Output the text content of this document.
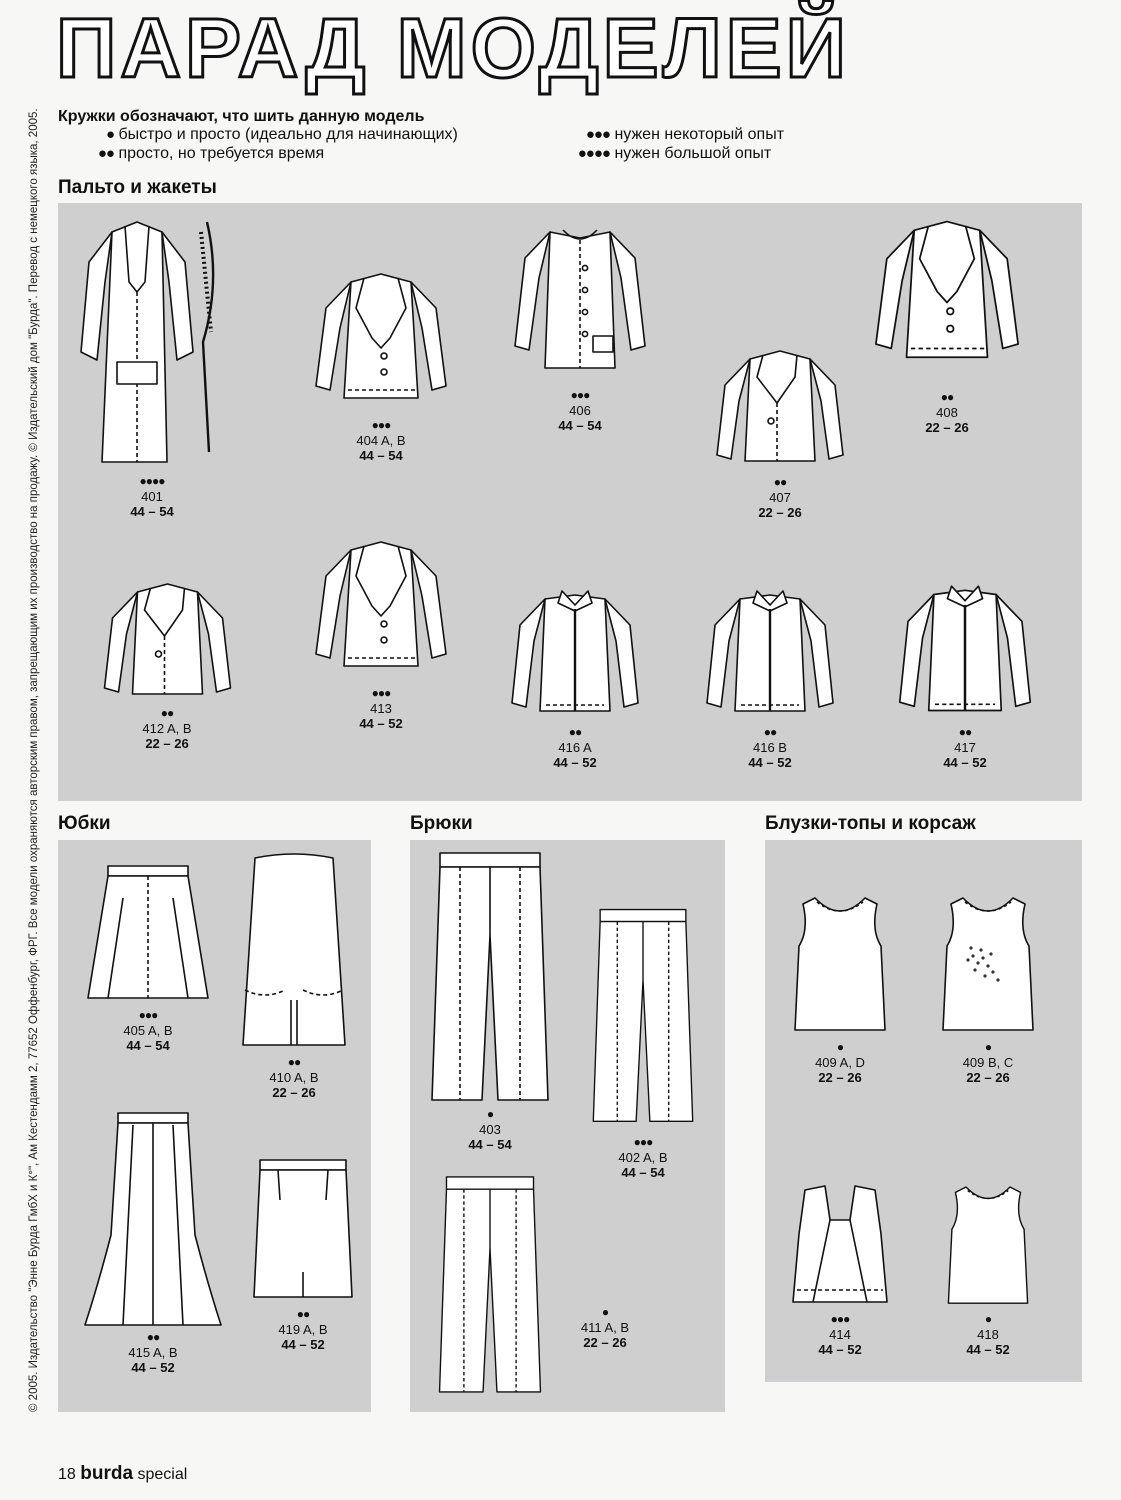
ПАРАД МОДЕЛЕЙ
© 2005. Издательство "Энне Бурда ГмбХ и К°", Ам Кестендамм 2, 77652 Оффенбург, ФРГ. Все модели охраняются авторским правом, запрещающим их производство на продажу. © Издательский дом "Бурда". Перевод с немецкого языка, 2005. Кружки обозначают, что шить данную модель
● быстро и просто (идеально для начинающих)
●● просто, но требуется время
●●● нужен некоторый опыт
●●●● нужен большой опыт
Пальто и жакеты
●●●●
401
44 – 54
●●●
404 A, B
44 – 54
●●●
406
44 – 54
●●
407
22 – 26
●●
408
22 – 26
●●
412 A, B
22 – 26
●●●
413
44 – 52
●●
416 A
44 – 52
●●
416 B
44 – 52
●●
417
44 – 52
Юбки
●●●
405 A, B
44 – 54
●●
410 A, B
22 – 26
●●
415 A, B
44 – 52
●●
419 A, B
44 – 52
Брюки
●
403
44 – 54	●●●
402 A, B
44 – 54
●
411 A, B
22 – 26
Блузки-топы и корсаж
●
409 A, D
22 – 26
●
409 B, C
22 – 26
●●●
414
44 – 52
●
418
44 – 52
18 burda special
